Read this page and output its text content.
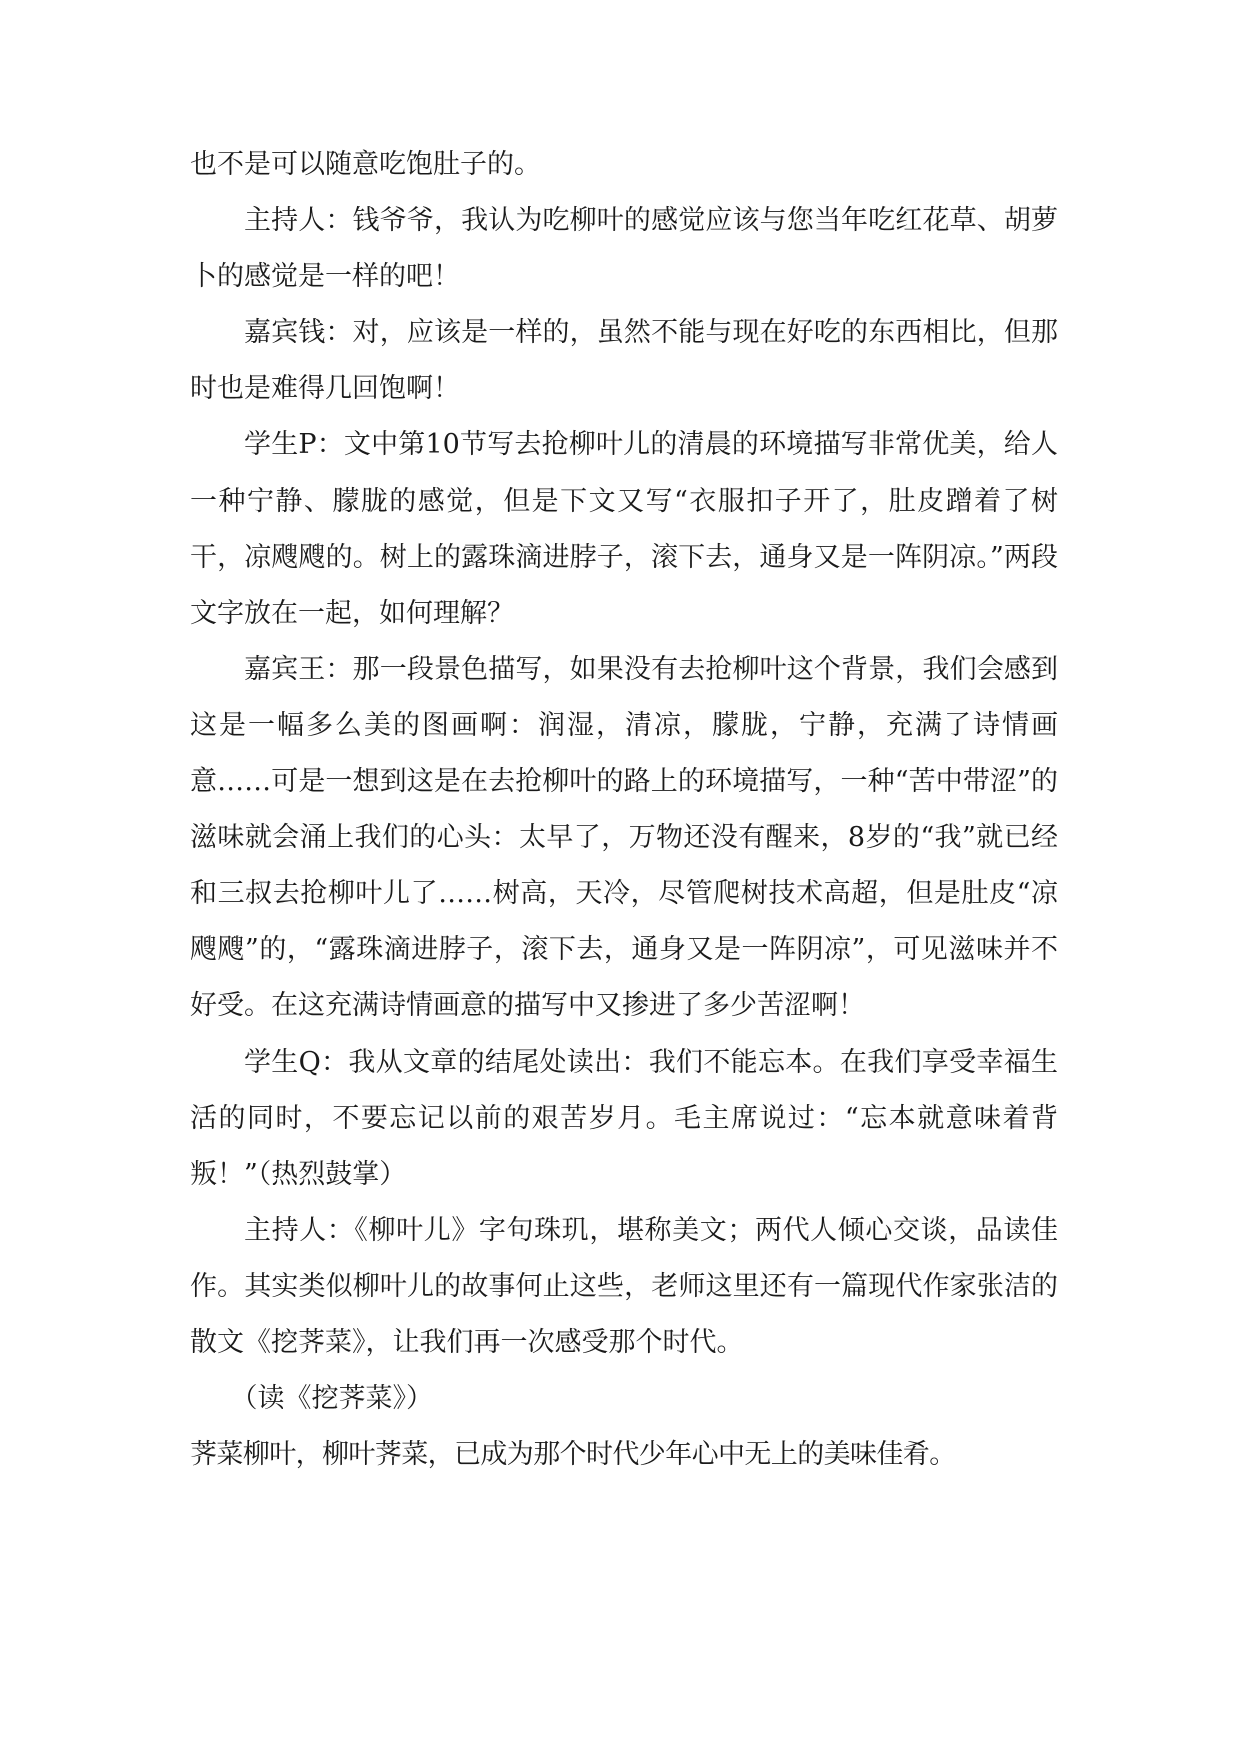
也不是可以随意吃饱肚子的。

主持人：钱爷爷，我认为吃柳叶的感觉应该与您当年吃红花草、胡萝卜的感觉是一样的吧！

嘉宾钱：对，应该是一样的，虽然不能与现在好吃的东西相比，但那时也是难得几回饱啊！

学生P：文中第10节写去抢柳叶儿的清晨的环境描写非常优美，给人一种宁静、朦胧的感觉，但是下文又写“衣服扣子开了，肚皮蹭着了树干，凉飕飕的。树上的露珠滴进脖子，滚下去，通身又是一阵阴凉。”两段文字放在一起，如何理解？

嘉宾王：那一段景色描写，如果没有去抢柳叶这个背景，我们会感到这是一幅多么美的图画啊：润湿，清凉，朦胧，宁静，充满了诗情画意……可是一想到这是在去抢柳叶的路上的环境描写，一种“苦中带涩”的滋味就会涌上我们的心头：太早了，万物还没有醒来，8岁的“我”就已经和三叔去抢柳叶儿了……树高，天冷，尽管爬树技术高超，但是肚皮“凉飕飕”的，“露珠滴进脖子，滚下去，通身又是一阵阴凉”，可见滋味并不好受。在这充满诗情画意的描写中又掺进了多少苦涩啊！

学生Q：我从文章的结尾处读出：我们不能忘本。在我们享受幸福生活的同时，不要忘记以前的艰苦岁月。毛主席说过：“忘本就意味着背叛！”（热烈鼓掌）

主持人：《柳叶儿》字句珠玑，堪称美文；两代人倾心交谈，品读佳作。其实类似柳叶儿的故事何止这些，老师这里还有一篇现代作家张洁的散文《挖荠菜》，让我们再一次感受那个时代。

（读《挖荠菜》）

荠菜柳叶，柳叶荠菜，已成为那个时代少年心中无上的美味佳肴。
